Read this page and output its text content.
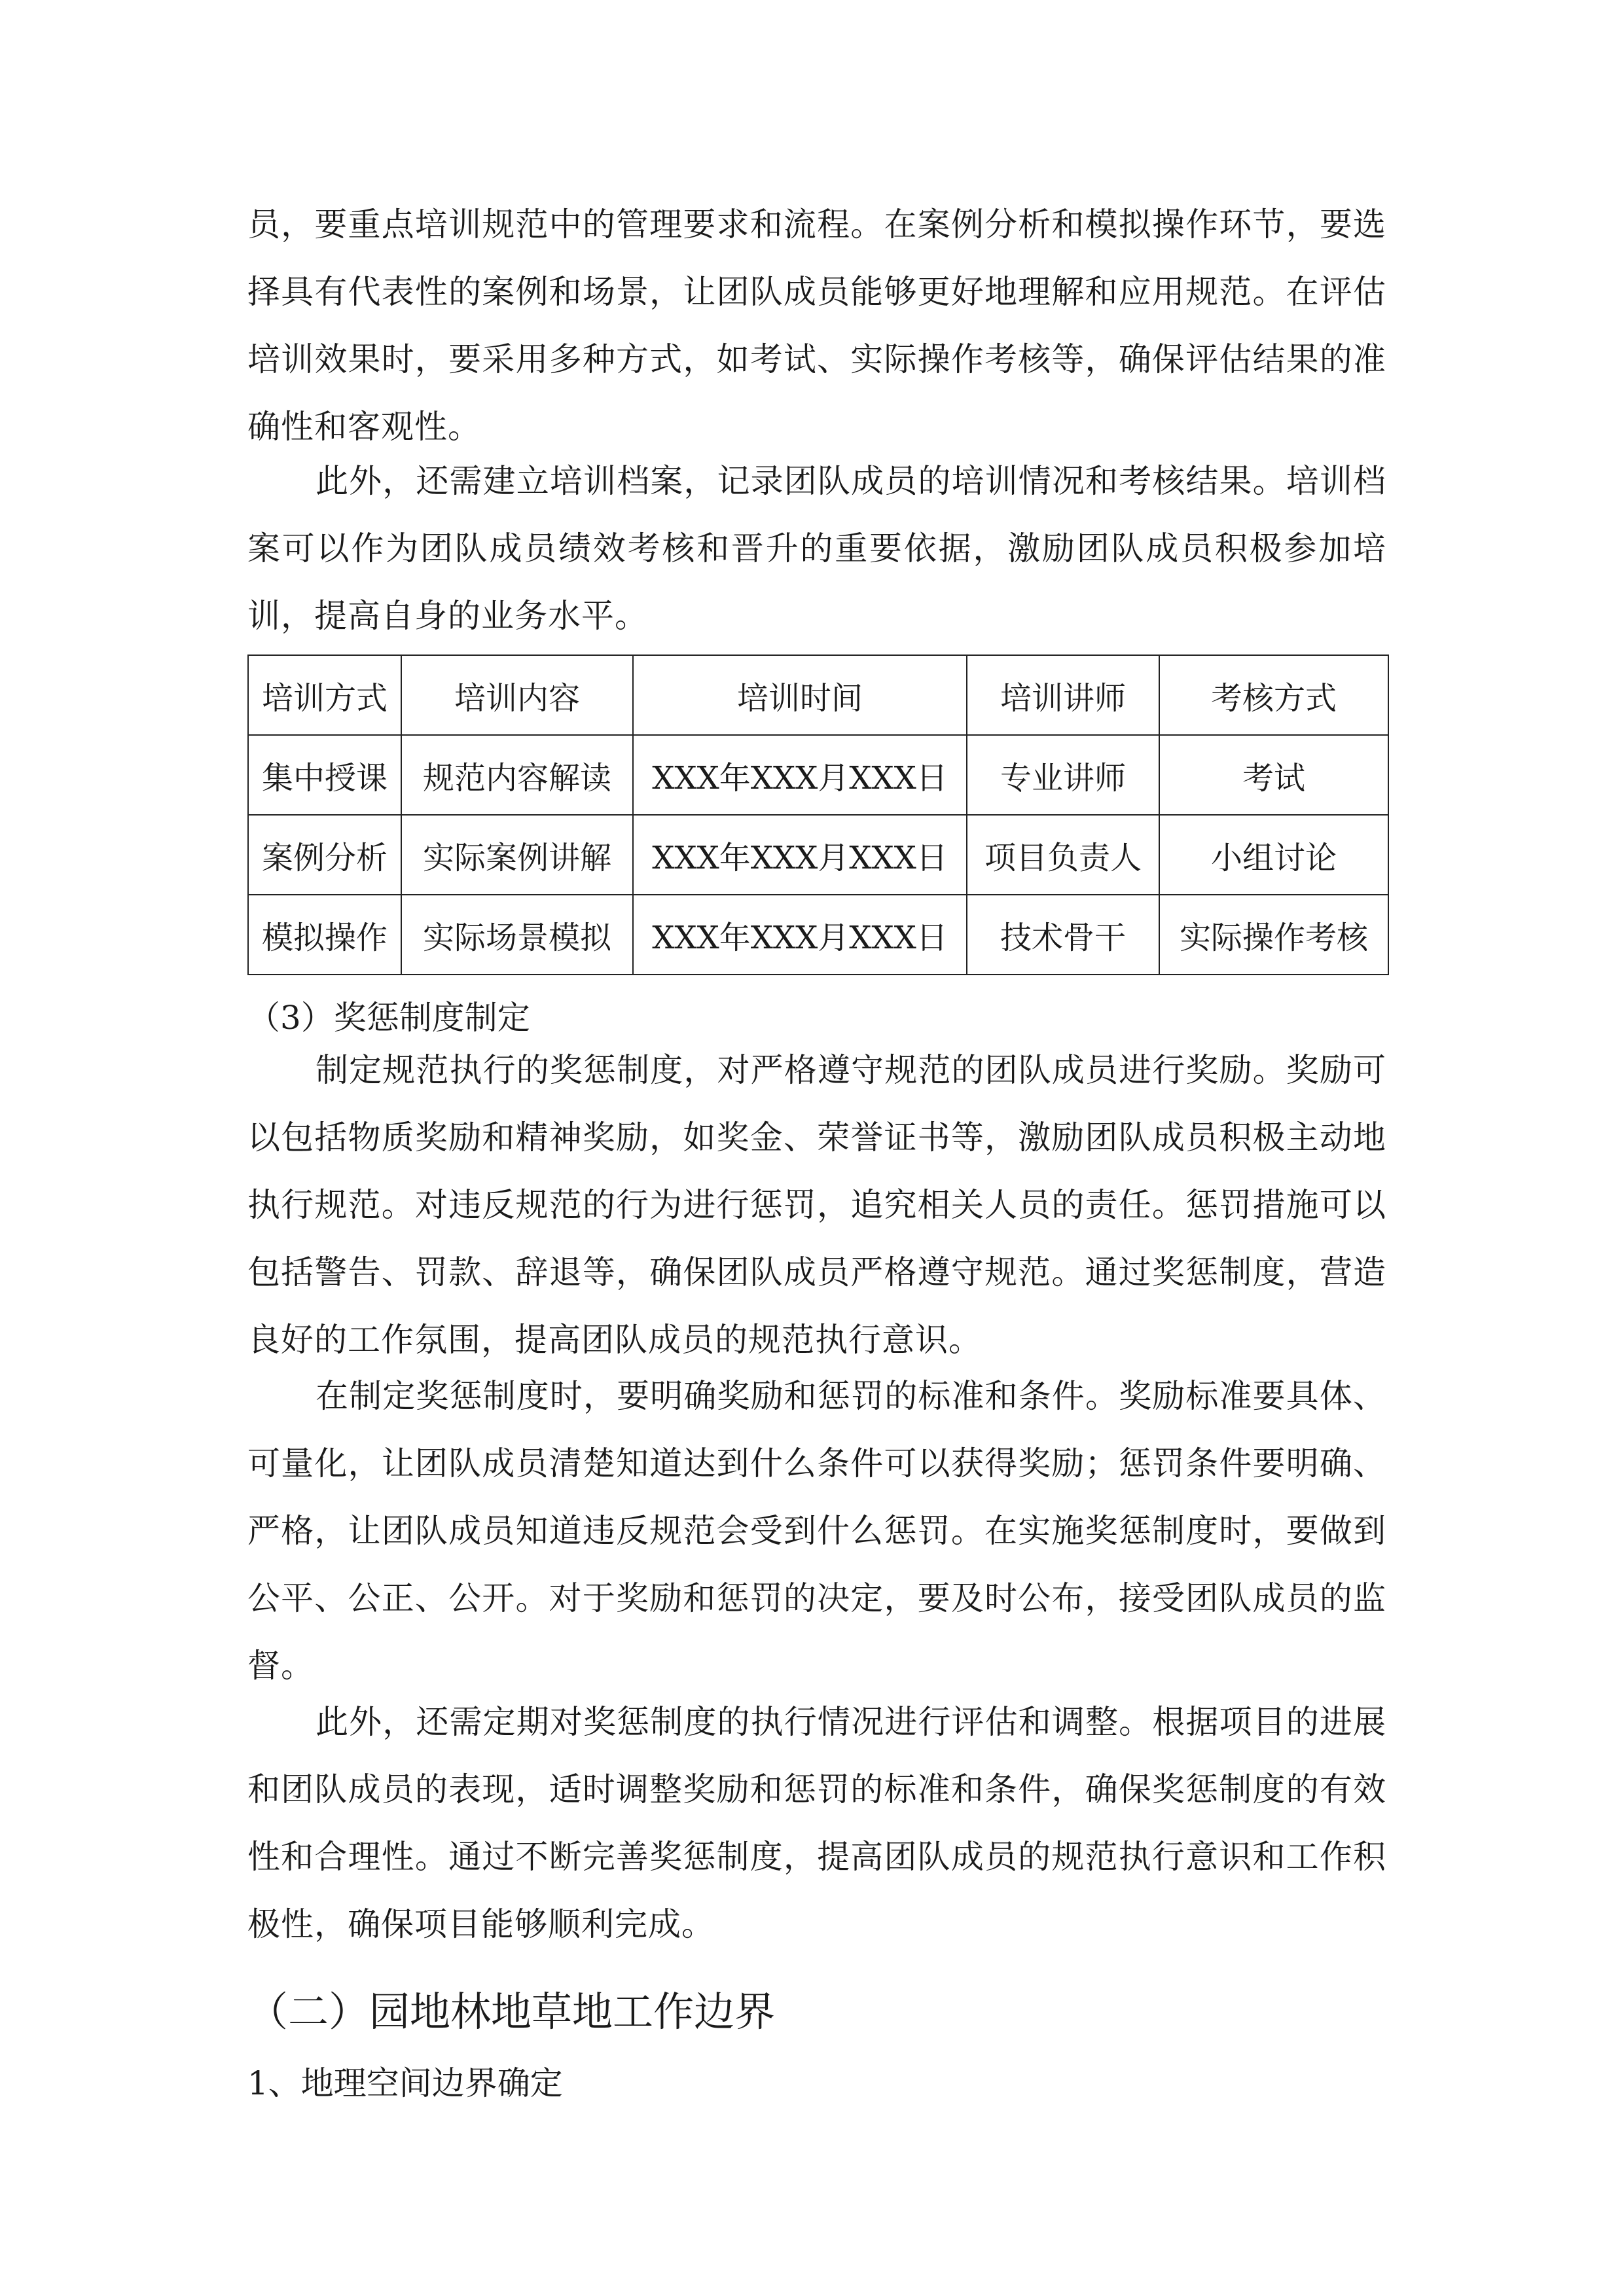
员，要重点培训规范中的管理要求和流程。在案例分析和模拟操作环节，要选择具有代表性的案例和场景，让团队成员能够更好地理解和应用规范。在评估培训效果时，要采用多种方式，如考试、实际操作考核等，确保评估结果的准确性和客观性。

此外，还需建立培训档案，记录团队成员的培训情况和考核结果。培训档案可以作为团队成员绩效考核和晋升的重要依据，激励团队成员积极参加培训，提高自身的业务水平。

培训方式	培训内容	培训时间	培训讲师	考核方式
集中授课	规范内容解读	XXX年XXX月XXX日	专业讲师	考试
案例分析	实际案例讲解	XXX年XXX月XXX日	项目负责人	小组讨论
模拟操作	实际场景模拟	XXX年XXX月XXX日	技术骨干	实际操作考核

（3）奖惩制度制定

制定规范执行的奖惩制度，对严格遵守规范的团队成员进行奖励。奖励可以包括物质奖励和精神奖励，如奖金、荣誉证书等，激励团队成员积极主动地执行规范。对违反规范的行为进行惩罚，追究相关人员的责任。惩罚措施可以包括警告、罚款、辞退等，确保团队成员严格遵守规范。通过奖惩制度，营造良好的工作氛围，提高团队成员的规范执行意识。

在制定奖惩制度时，要明确奖励和惩罚的标准和条件。奖励标准要具体、可量化，让团队成员清楚知道达到什么条件可以获得奖励；惩罚条件要明确、严格，让团队成员知道违反规范会受到什么惩罚。在实施奖惩制度时，要做到公平、公正、公开。对于奖励和惩罚的决定，要及时公布，接受团队成员的监督。

此外，还需定期对奖惩制度的执行情况进行评估和调整。根据项目的进展和团队成员的表现，适时调整奖励和惩罚的标准和条件，确保奖惩制度的有效性和合理性。通过不断完善奖惩制度，提高团队成员的规范执行意识和工作积极性，确保项目能够顺利完成。

（二）园地林地草地工作边界

1、地理空间边界确定
